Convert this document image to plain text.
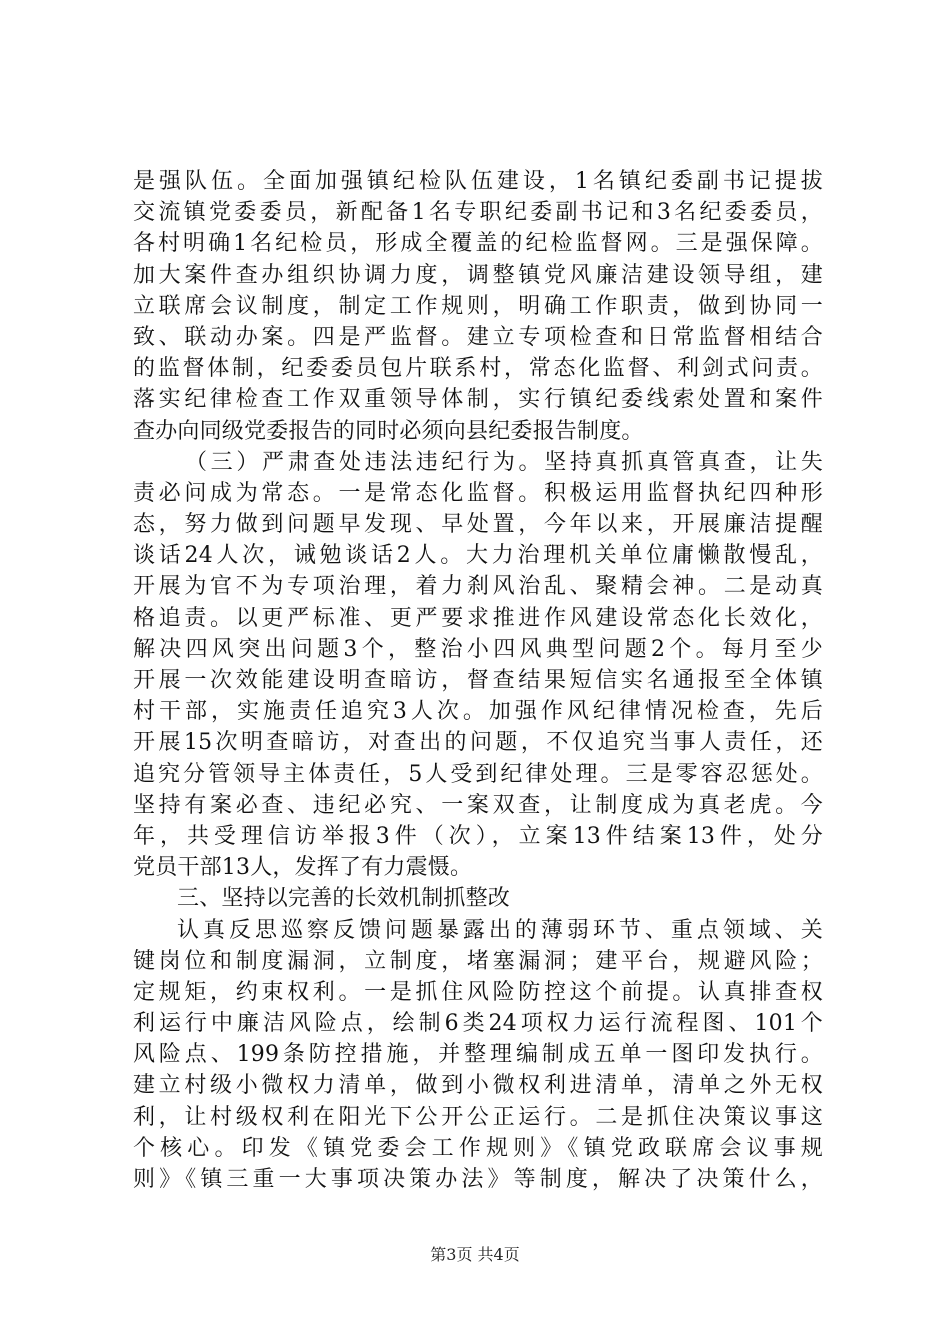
是强队伍。全面加强镇纪检队伍建设，1名镇纪委副书记提拔
交流镇党委委员，新配备1名专职纪委副书记和3名纪委委员，
各村明确1名纪检员，形成全覆盖的纪检监督网。三是强保障。
加大案件查办组织协调力度，调整镇党风廉洁建设领导组，建
立联席会议制度，制定工作规则，明确工作职责，做到协同一
致、联动办案。四是严监督。建立专项检查和日常监督相结合
的监督体制，纪委委员包片联系村，常态化监督、利剑式问责。
落实纪律检查工作双重领导体制，实行镇纪委线索处置和案件
查办向同级党委报告的同时必须向县纪委报告制度。
（三）严肃查处违法违纪行为。坚持真抓真管真查，让失
责必问成为常态。一是常态化监督。积极运用监督执纪四种形
态，努力做到问题早发现、早处置，今年以来，开展廉洁提醒
谈话24人次，诫勉谈话2人。大力治理机关单位庸懒散慢乱，
开展为官不为专项治理，着力刹风治乱、聚精会神。二是动真
格追责。以更严标准、更严要求推进作风建设常态化长效化，
解决四风突出问题3个，整治小四风典型问题2个。每月至少
开展一次效能建设明查暗访，督查结果短信实名通报至全体镇
村干部，实施责任追究3人次。加强作风纪律情况检查，先后
开展15次明查暗访，对查出的问题，不仅追究当事人责任，还
追究分管领导主体责任，5人受到纪律处理。三是零容忍惩处。
坚持有案必查、违纪必究、一案双查，让制度成为真老虎。今
年，共受理信访举报3件（次），立案13件结案13件，处分
党员干部13人，发挥了有力震慑。
三、坚持以完善的长效机制抓整改
认真反思巡察反馈问题暴露出的薄弱环节、重点领域、关
键岗位和制度漏洞，立制度，堵塞漏洞；建平台，规避风险；
定规矩，约束权利。一是抓住风险防控这个前提。认真排查权
利运行中廉洁风险点，绘制6类24项权力运行流程图、101个
风险点、199条防控措施，并整理编制成五单一图印发执行。
建立村级小微权力清单，做到小微权利进清单，清单之外无权
利，让村级权利在阳光下公开公正运行。二是抓住决策议事这
个核心。印发《镇党委会工作规则》《镇党政联席会议事规
则》《镇三重一大事项决策办法》等制度，解决了决策什么，
第3页 共4页
